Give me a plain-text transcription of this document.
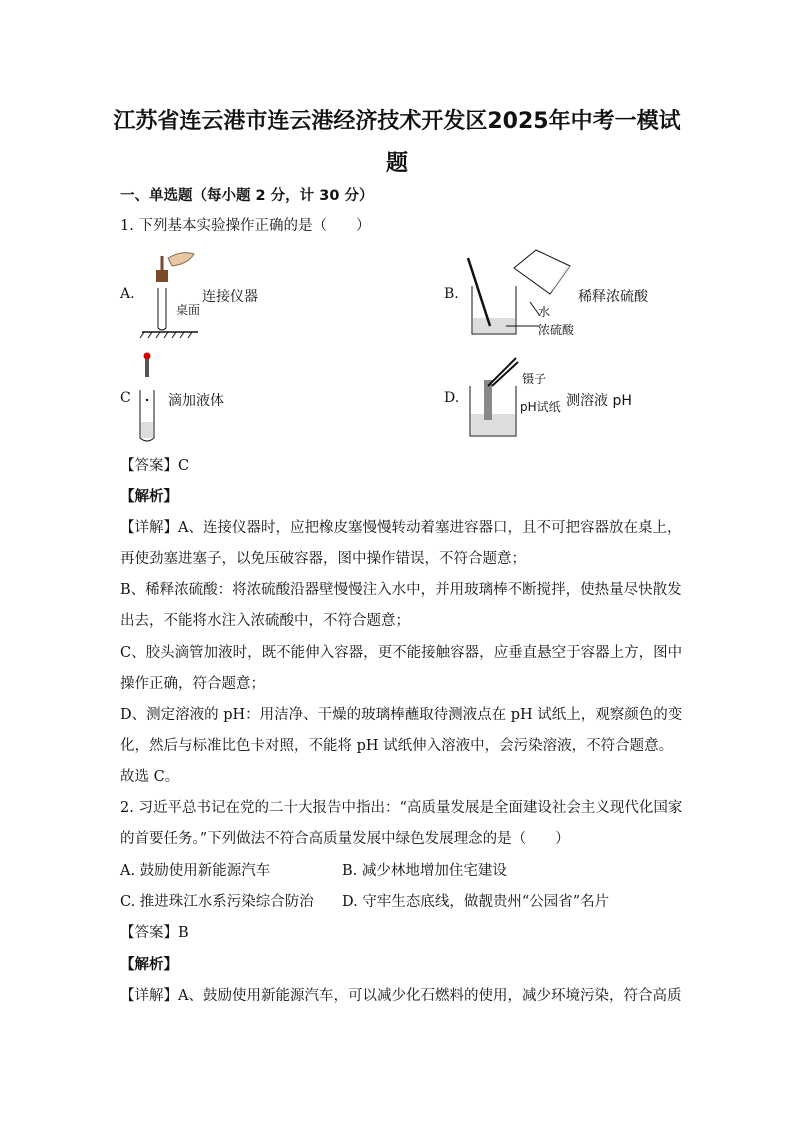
江苏省连云港市连云港经济技术开发区2025年中考一模试
题
一、单选题（每小题 2 分，计 30 分）
1. 下列基本实验操作正确的是（　　）
A.
桌面
连接仪器	B.
水
浓硫酸
稀释浓硫酸
C	滴加液体	D.
镊子
pH试纸 测溶液 pH
【答案】C
【解析】
【详解】A、连接仪器时，应把橡皮塞慢慢转动着塞进容器口，且不可把容器放在桌上，
再使劲塞进塞子，以免压破容器，图中操作错误，不符合题意；
B、稀释浓硫酸：将浓硫酸沿器壁慢慢注入水中，并用玻璃棒不断搅拌，使热量尽快散发
出去，不能将水注入浓硫酸中，不符合题意；
C、胶头滴管加液时，既不能伸入容器，更不能接触容器，应垂直悬空于容器上方，图中
操作正确，符合题意；
D、测定溶液的 pH：用洁净、干燥的玻璃棒蘸取待测液点在 pH 试纸上，观察颜色的变
化，然后与标准比色卡对照，不能将 pH 试纸伸入溶液中，会污染溶液，不符合题意。
故选 C。
2. 习近平总书记在党的二十大报告中指出：“高质量发展是全面建设社会主义现代化国家
的首要任务。”下列做法不符合高质量发展中绿色发展理念的是（　　）
A. 鼓励使用新能源汽车	B. 减少林地增加住宅建设
C. 推进珠江水系污染综合防治 D. 守牢生态底线，做靓贵州“公园省”名片
【答案】B
【解析】
【详解】A、鼓励使用新能源汽车，可以减少化石燃料的使用，减少环境污染，符合高质
